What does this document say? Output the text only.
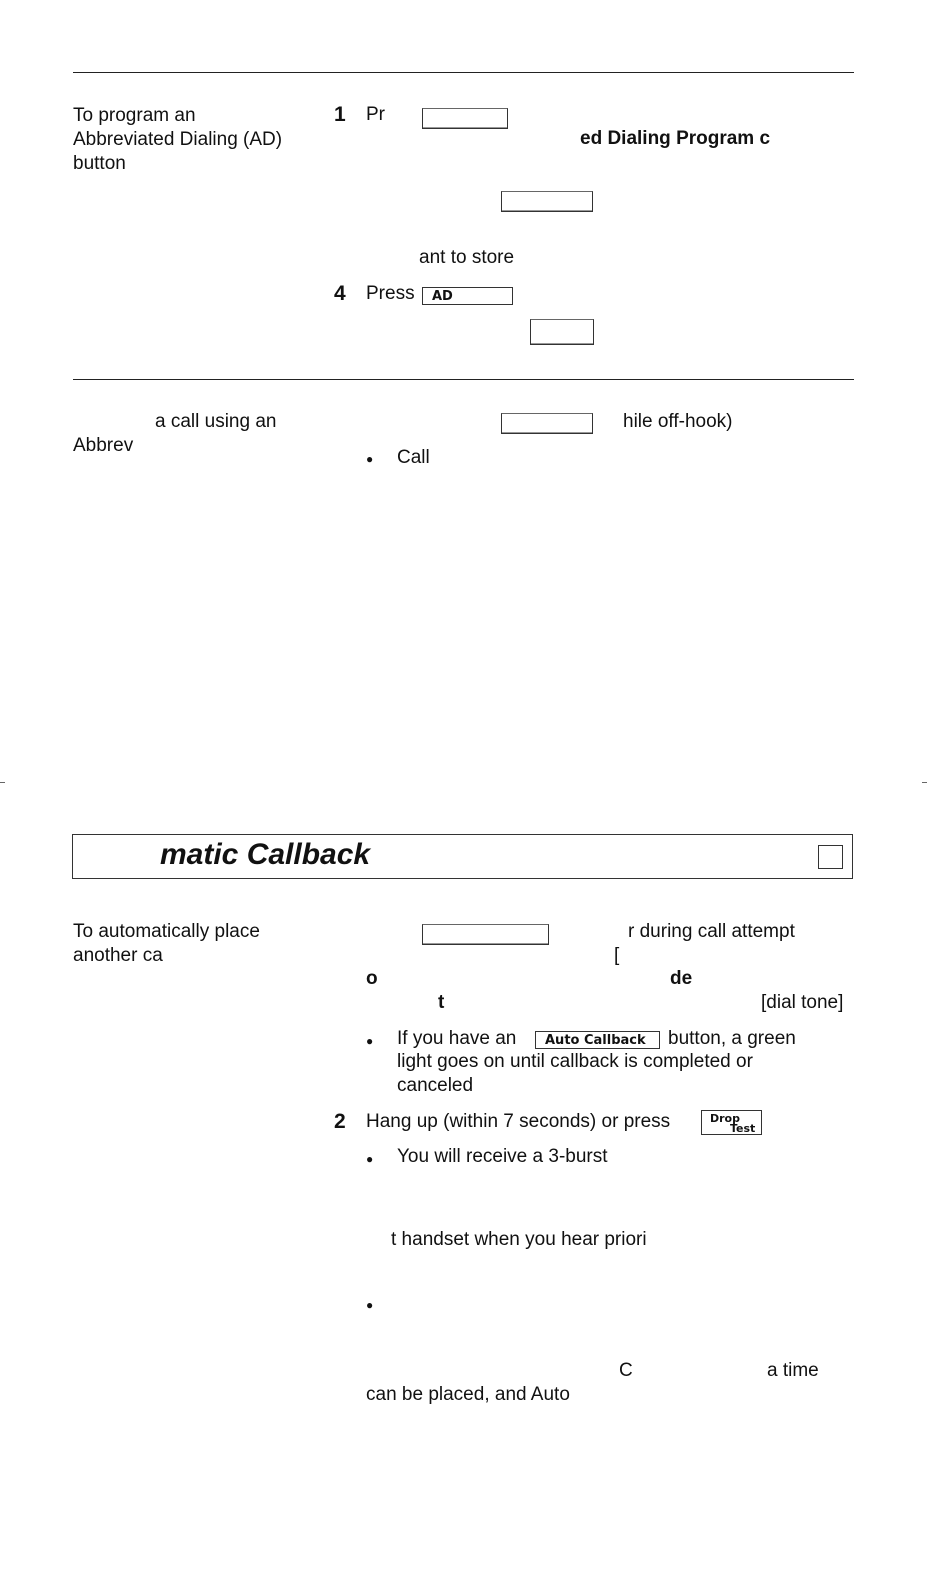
To program an
Abbreviated Dialing (AD)
button
1 Pr
ed Dialing Program c
ant to store
4 Press	AD
a call using an
Abbrev
hile off-hook)
● Call
matic Callback
To automatically place
another ca
r during call attempt
[
o	de
t	[dial tone]
● If you have an	Auto Callback	button, a green
light goes on until callback is completed or
canceled
2 Hang up (within 7 seconds) or press	Drop
Test
● You will receive a 3-burst
t handset when you hear priori
●
C	a time
can be placed, and Auto
